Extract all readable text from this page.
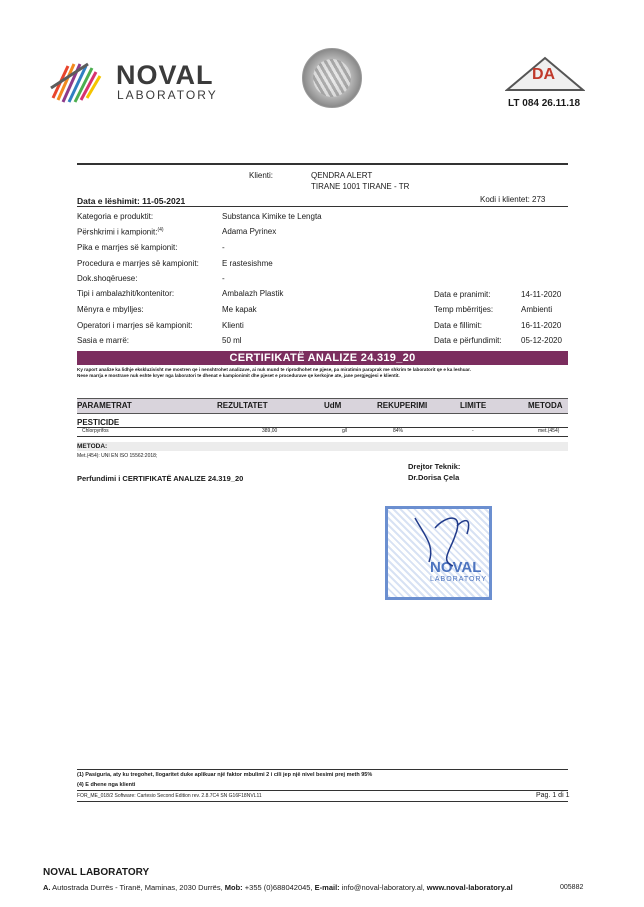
NOVAL
LABORATORY
DA
LT 084 26.11.18
Klienti:	QENDRA ALERT
TIRANE 1001 TIRANE - TR
Data e lëshimit: 11-05-2021	Kodi i klientet: 273
Kategoria e produktit:	Substanca Kimike te Lengta
Përshkrimi i kampionit:$^{(4)}$	Adama Pyrinex
Pika e marrjes së kampionit:	-
Procedura e marrjes së kampionit:	E rastesishme
Dok.shoqëruese:	-
Tipi i ambalazhit/kontenitor:	Ambalazh Plastik
Mënyra e mbylljes:	Me kapak
Operatori i marrjes së kampionit:	Klienti
Sasia e marrë:	50 ml
Data e pranimit:	14-11-2020
Temp mbërritjes:	Ambienti
Data e fillimit:	16-11-2020
Data e përfundimit: 05-12-2020
CERTIFIKATË ANALIZE 24.319_20
Ky raport analize ka lidhje ekskluzivisht me mostren qe i nenshtrohet analizave, ai nuk mund te riprodhohet ne pjese, pa miratimin paraprak me shkrim te laboratorit qe e ka leshuar.
Nese marrja e mostrave nuk eshte kryer nga laboratori te dhenat e kampionimit dhe pjeset e procedurave qe kerkojne ate, jane pergjegjesi e klientit.
PARAMETRAT	REZULTATET	UdM	REKUPERIMI	LIMITE	METODA
PESTICIDE
Chlorpyrifos	389,00	g/l	84%	-	met.(454)
METODA:
Met.(454): UNI EN ISO 15562:2018;
Drejtor Teknik:
Dr.Dorisa Çela
Perfundimi i CERTIFIKATË ANALIZE 24.319_20
NOVAL
LABORATORY
(1) Pasiguria, aty ku tregohet, llogaritet duke aplikuar një faktor mbulimi 2 i cili jep një nivel besimi prej meth 95%
(4) E dhene nga klienti
FOR_ME_018/2 Software: Cartesio Second Edition rev. 2.8.7C4 SN G16F18NVL11	Pag. 1 di 1
NOVAL LABORATORY
A. Autostrada Durrës - Tiranë, Maminas, 2030 Durrës, Mob: +355 (0)688042045, E-mail: info@noval-laboratory.al, www.noval-laboratory.al	005882
